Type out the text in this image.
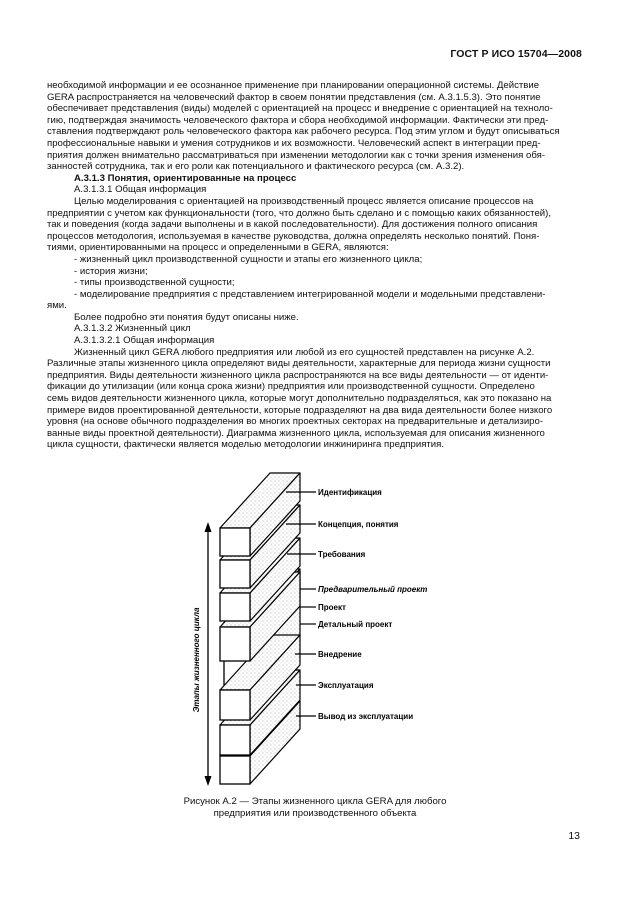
ГОСТ Р ИСО 15704—2008

необходимой информации и ее осознанное применение при планировании операционной системы. Действие

GERA распространяется на человеческий фактор в своем понятии представления (см. А.3.1.5.3). Это понятие

обеспечивает представления (виды) моделей с ориентацией на процесс и внедрение с ориентацией на техноло-

гию, подтверждая значимость человеческого фактора и сбора необходимой информации. Фактически эти пред-

ставления подтверждают роль человеческого фактора как рабочего ресурса. Под этим углом и будут описываться

профессиональные навыки и умения сотрудников и их возможности. Человеческий аспект в интеграции пред-

приятия должен внимательно рассматриваться при изменении методологии как с точки зрения изменения обя-

занностей сотрудника, так и его роли как потенциального и фактического ресурса (см. А.3.2).

А.3.1.3 Понятия, ориентированные на процесс

А.3.1.3.1 Общая информация

Целью моделирования с ориентацией на производственный процесс является описание процессов на

предприятии с учетом как функциональности (того, что должно быть сделано и с помощью каких обязанностей),

так и поведения (когда задачи выполнены и в какой последовательности). Для достижения полного описания

процессов методология, используемая в качестве руководства, должна определять несколько понятий. Поня-

тиями, ориентированными на процесс и определенными в GERA, являются:

- жизненный цикл производственной сущности и этапы его жизненного цикла;

- история жизни;

- типы производственной сущности;

- моделирование предприятия с представлением интегрированной модели и модельными представлени-

ями.

Более подробно эти понятия будут описаны ниже.

А.3.1.3.2 Жизненный цикл

А.3.1.3.2.1 Общая информация

Жизненный цикл GERA любого предприятия или любой из его сущностей представлен на рисунке А.2.

Различные этапы жизненного цикла определяют виды деятельности, характерные для периода жизни сущности

предприятия. Виды деятельности жизненного цикла распространяются на все виды деятельности — от иденти-

фикации до утилизации (или конца срока жизни) предприятия или производственной сущности. Определено

семь видов деятельности жизненного цикла, которые могут дополнительно подразделяться, как это показано на

примере видов проектированной деятельности, которые подразделяют на два вида деятельности более низкого

уровня (на основе обычного подразделения во многих проектных секторах на предварительные и детализиро-

ванные виды проектной деятельности). Диаграмма жизненного цикла, используемая для описания жизненного

цикла сущности, фактически является моделью методологии инжиниринга предприятия.

Этапы жизненного цикла
Идентификация
Концепция, понятия
Требования
Предварительный проект
Проект
Детальный проект
Внедрение
Эксплуатация
Вывод из эксплуатации
Рисунок А.2 — Этапы жизненного цикла GERA для любого
предприятия или производственного объекта
13
